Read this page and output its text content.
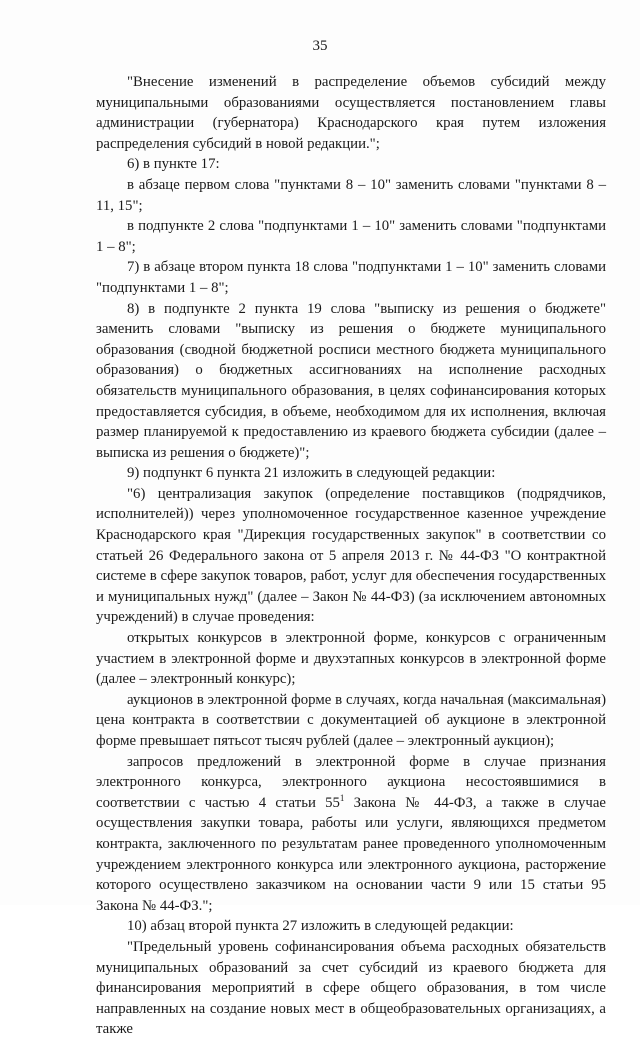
35

"Внесение изменений в распределение объемов субсидий между муниципальными образованиями осуществляется постановлением главы администрации (губернатора) Краснодарского края путем изложения распределения субсидий в новой редакции.";

6) в пункте 17:

в абзаце первом слова "пунктами 8 – 10" заменить словами "пунктами 8 – 11, 15";

в подпункте 2 слова "подпунктами 1 – 10" заменить словами "подпунктами 1 – 8";

7) в абзаце втором пункта 18 слова "подпунктами 1 – 10" заменить словами "подпунктами 1 – 8";

8) в подпункте 2 пункта 19 слова "выписку из решения о бюджете" заменить словами "выписку из решения о бюджете муниципального образования (сводной бюджетной росписи местного бюджета муниципального образования) о бюджетных ассигнованиях на исполнение расходных обязательств муниципального образования, в целях софинансирования которых предоставляется субсидия, в объеме, необходимом для их исполнения, включая размер планируемой к предоставлению из краевого бюджета субсидии (далее – выписка из решения о бюджете)";

9) подпункт 6 пункта 21 изложить в следующей редакции:

"6) централизация закупок (определение поставщиков (подрядчиков, исполнителей)) через уполномоченное государственное казенное учреждение Краснодарского края "Дирекция государственных закупок" в соответствии со статьей 26 Федерального закона от 5 апреля 2013 г. № 44-ФЗ "О контрактной системе в сфере закупок товаров, работ, услуг для обеспечения государственных и муниципальных нужд" (далее – Закон № 44-ФЗ) (за исключением автономных учреждений) в случае проведения:

открытых конкурсов в электронной форме, конкурсов с ограниченным участием в электронной форме и двухэтапных конкурсов в электронной форме (далее – электронный конкурс);

аукционов в электронной форме в случаях, когда начальная (максимальная) цена контракта в соответствии с документацией об аукционе в электронной форме превышает пятьсот тысяч рублей (далее – электронный аукцион);

запросов предложений в электронной форме в случае признания электронного конкурса, электронного аукциона несостоявшимися в соответствии с частью 4 статьи $55^1$ Закона № 44-ФЗ, а также в случае осуществления закупки товара, работы или услуги, являющихся предметом контракта, заключенного по результатам ранее проведенного уполномоченным учреждением электронного конкурса или электронного аукциона, расторжение которого осуществлено заказчиком на основании части 9 или 15 статьи 95 Закона № 44-ФЗ.";

10) абзац второй пункта 27 изложить в следующей редакции:

"Предельный уровень софинансирования объема расходных обязательств муниципальных образований за счет субсидий из краевого бюджета для финансирования мероприятий в сфере общего образования, в том числе направленных на создание новых мест в общеобразовательных организациях, а также
